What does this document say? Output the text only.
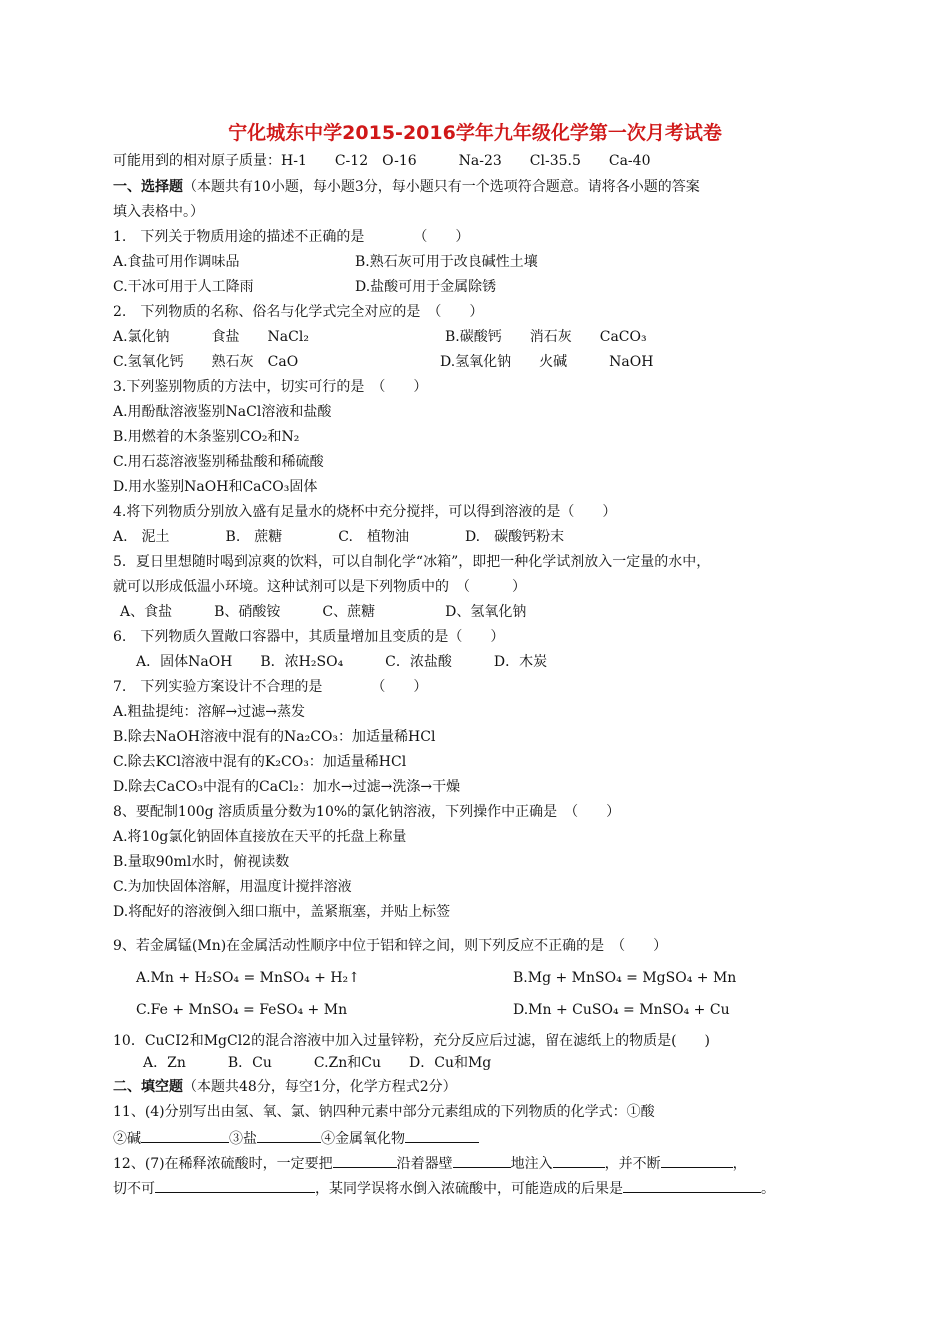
宁化城东中学2015-2016学年九年级化学第一次月考试卷
可能用到的相对原子质量：H-1　　C-12　O-16　　　Na-23　　Cl-35.5　　Ca-40
一、选择题（本题共有10小题，每小题3分，每小题只有一个选项符合题意。请将各小题的答案
填入表格中。）
1.　下列关于物质用途的描述不正确的是　　　　（　　）
A.食盐可用作调味品	B.熟石灰可用于改良碱性土壤
C.干冰可用于人工降雨	D.盐酸可用于金属除锈
2.　下列物质的名称、俗名与化学式完全对应的是　（　　）
A.氯化钠　　　食盐　　NaCl₂	B.碳酸钙　　消石灰　　CaCO₃
C.氢氧化钙　　熟石灰　CaO	D.氢氧化钠　　火碱　　　NaOH
3.下列鉴别物质的方法中，切实可行的是　（　　）
A.用酚酞溶液鉴别NaCl溶液和盐酸
B.用燃着的木条鉴别CO₂和N₂
C.用石蕊溶液鉴别稀盐酸和稀硫酸
D.用水鉴别NaOH和CaCO₃固体
4.将下列物质分别放入盛有足量水的烧杯中充分搅拌，可以得到溶液的是（　　）
A.　泥土　　　　B.　蔗糖　　　　C.　植物油　　　　D.　碳酸钙粉末
5．夏日里想随时喝到凉爽的饮料，可以自制化学“冰箱”，即把一种化学试剂放入一定量的水中，
就可以形成低温小环境。这种试剂可以是下列物质中的　（　　　）
A、食盐　　　B、硝酸铵　　　C、蔗糖　　　　　D、氢氧化钠
6.　下列物质久置敞口容器中，其质量增加且变质的是（　　）
A．固体NaOH　　B．浓H₂SO₄　　　C．浓盐酸　　　D．木炭
7.　下列实验方案设计不合理的是　　　　（　　）
A.粗盐提纯：溶解→过滤→蒸发
B.除去NaOH溶液中混有的Na₂CO₃：加适量稀HCl
C.除去KCl溶液中混有的K₂CO₃：加适量稀HCl
D.除去CaCO₃中混有的CaCl₂：加水→过滤→洗涤→干燥
8、要配制100g 溶质质量分数为10%的氯化钠溶液，下列操作中正确是　（　　）
A.将10g氯化钠固体直接放在天平的托盘上称量
B.量取90ml水时，俯视读数
C.为加快固体溶解，用温度计搅拌溶液
D.将配好的溶液倒入细口瓶中，盖紧瓶塞，并贴上标签
9、若金属锰(Mn)在金属活动性顺序中位于铝和锌之间，则下列反应不正确的是　（　　）
A.Mn + H₂SO₄ = MnSO₄ + H₂↑	B.Mg + MnSO₄ = MgSO₄ + Mn
C.Fe + MnSO₄ = FeSO₄ + Mn	D.Mn + CuSO₄ = MnSO₄ + Cu
10．CuCI2和MgCl2的混合溶液中加入过量锌粉，充分反应后过滤，留在滤纸上的物质是(　　)
A．Zn　　　B．Cu　　　C.Zn和Cu　　D．Cu和Mg
二、填空题（本题共48分，每空1分，化学方程式2分）
11、(4)分别写出由氢、氧、氯、钠四种元素中部分元素组成的下列物质的化学式：①酸
②碱	③盐	④金属氧化物
12、(7)在稀释浓硫酸时，一定要把	沿着器壁	地注入	，并不断	，
切不可	，某同学误将水倒入浓硫酸中，可能造成的后果是	。
